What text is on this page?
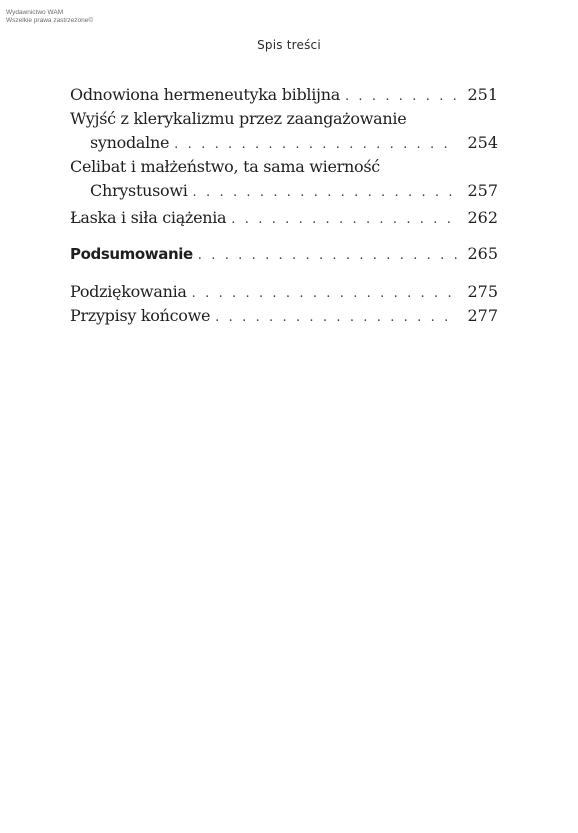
Wydawnictwo WAM
Wszelkie prawa zastrzeżone©
Spis treści
Odnowiona hermeneutyka biblijna . . .	251
Wyjść z klerykalizmu przez zaangażowanie
synodalne . . .	254
Celibat i małżeństwo, ta sama wierność
Chrystusowi . . .	257
Łaska i siła ciążenia . . .	262
Podsumowanie . . .	265
Podziękowania . . .	275
Przypisy końcowe . . .	277
